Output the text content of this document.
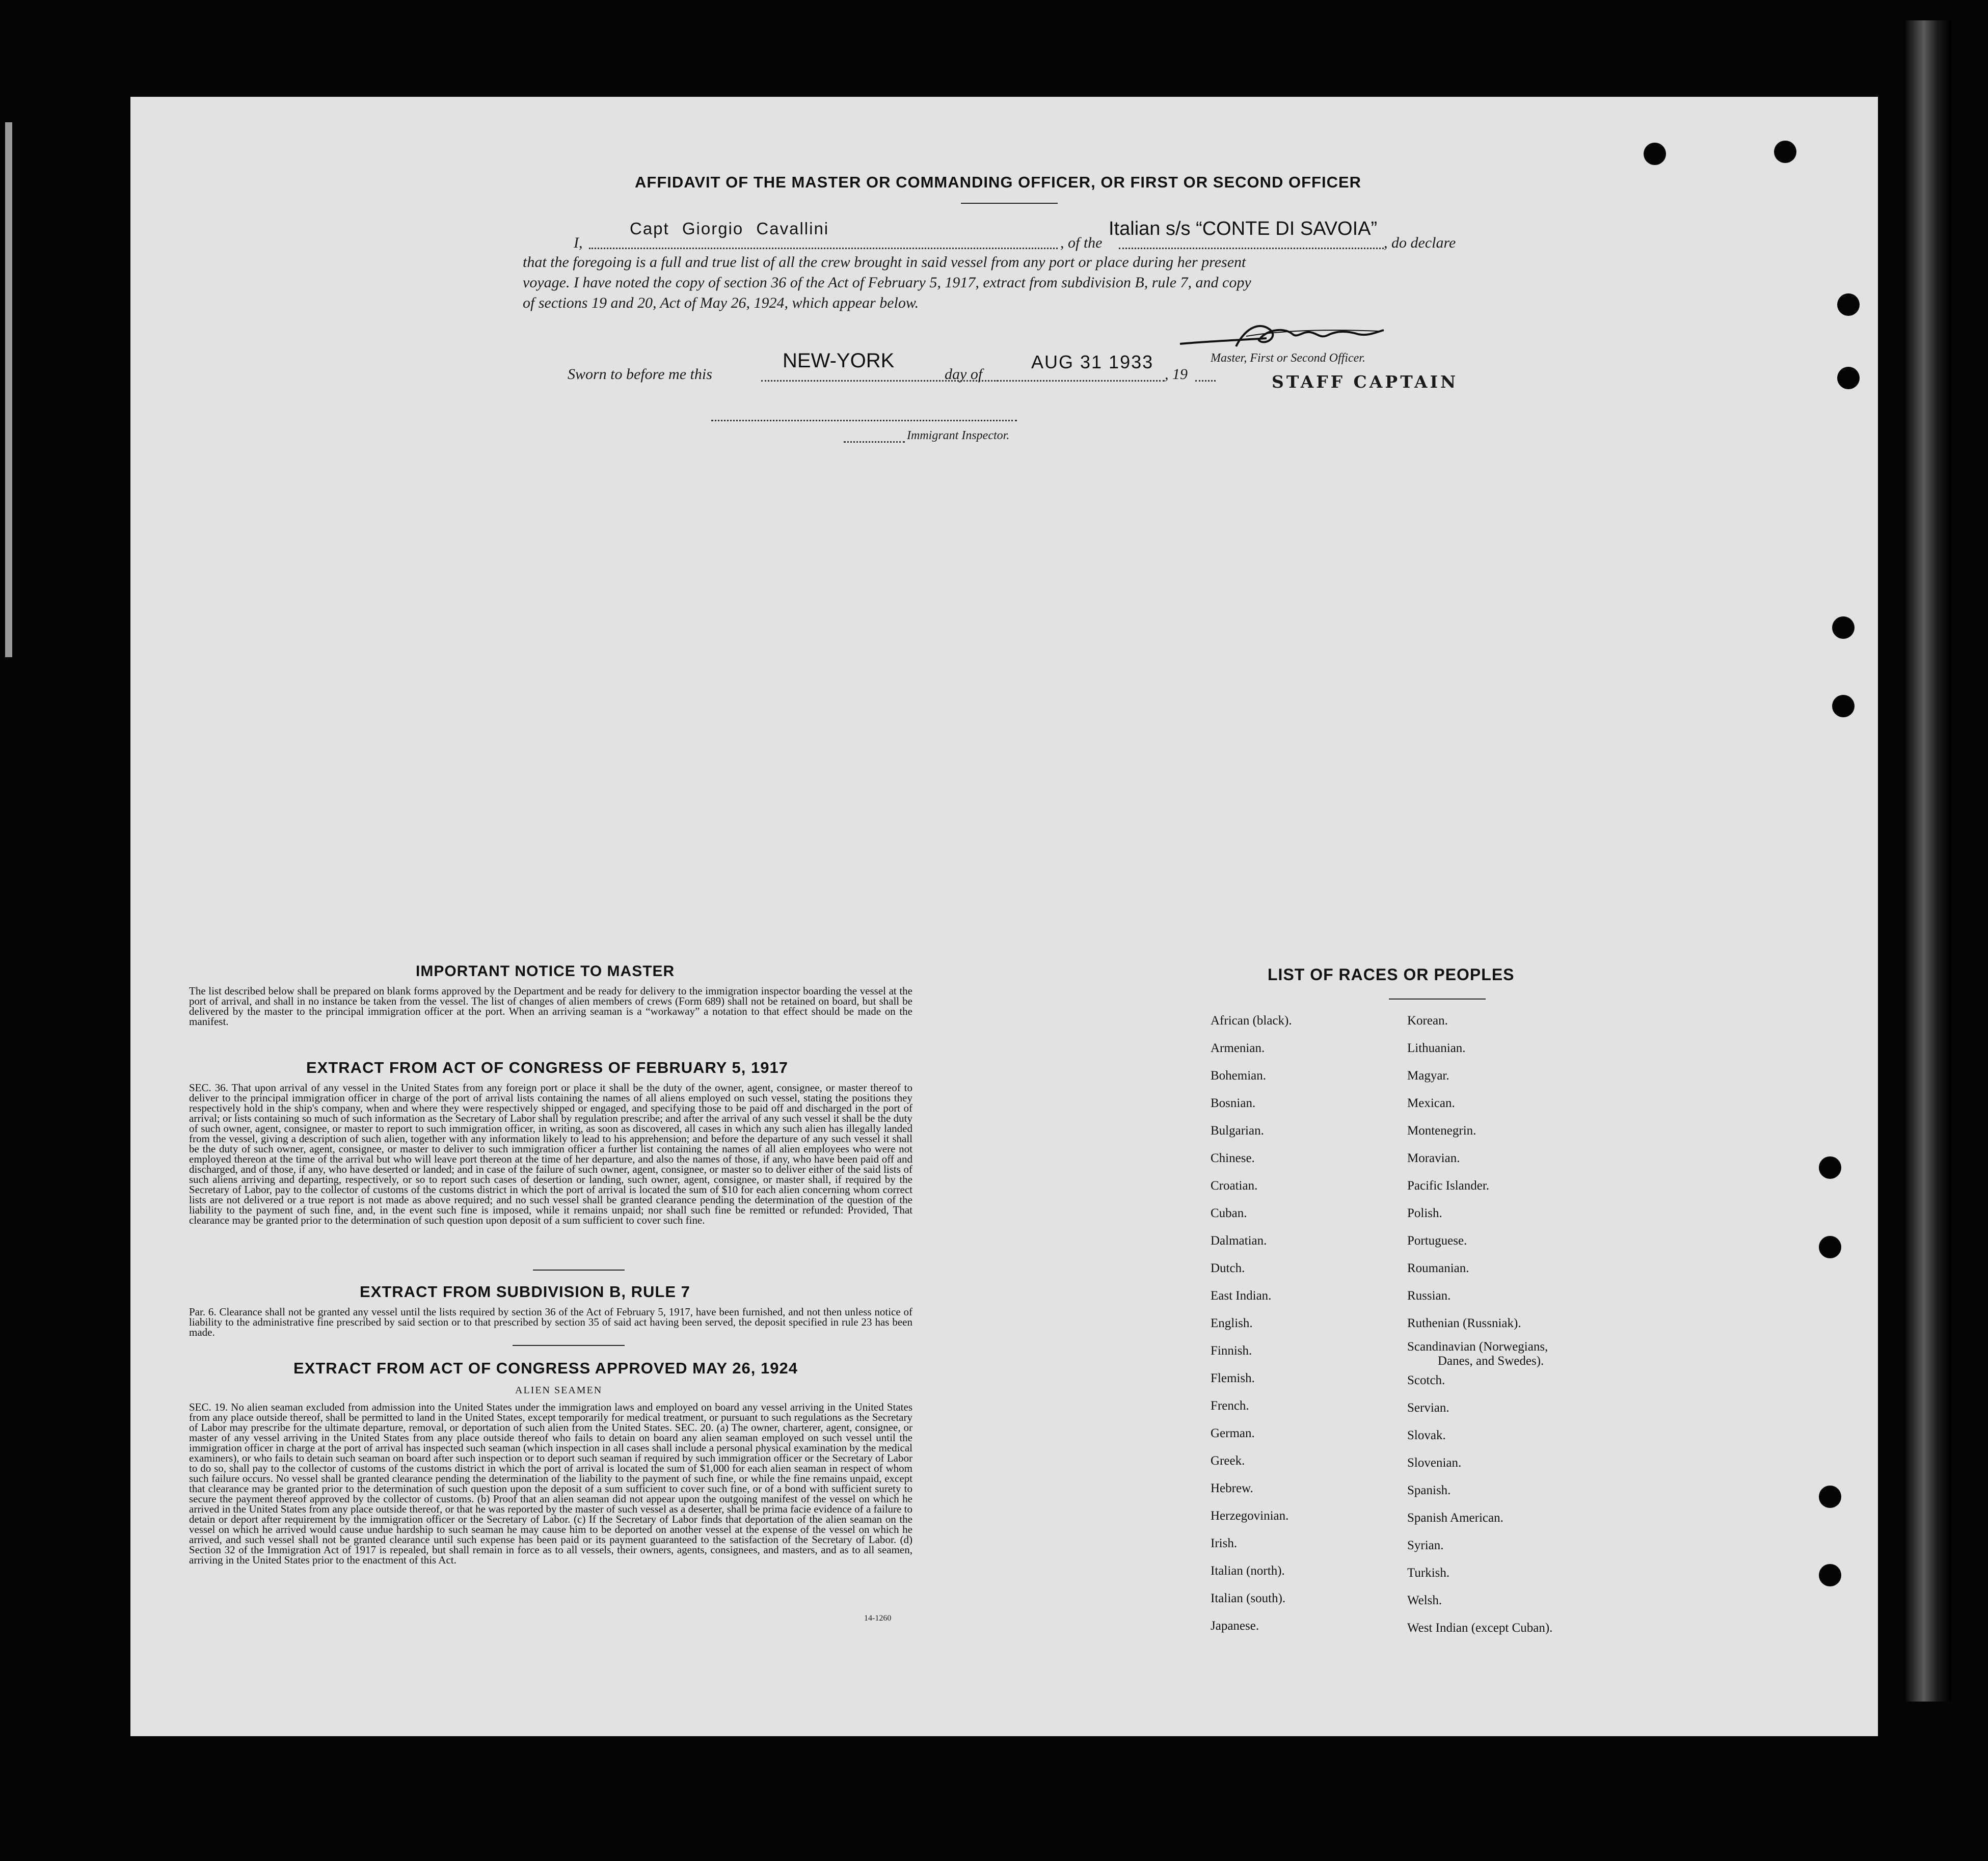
AFFIDAVIT OF THE MASTER OR COMMANDING OFFICER, OR FIRST OR SECOND OFFICER
I,
Capt Giorgio Cavallini
, of the
Italian s/s “CONTE DI SAVOIA”
, do declare
that the foregoing is a full and true list of all the crew brought in said vessel from any port or place during her present
voyage. I have noted the copy of section 36 of the Act of February 5, 1917, extract from subdivision B, rule 7, and copy
of sections 19 and 20, Act of May 26, 1924, which appear below.
Sworn to before me this
NEW-YORK
day of
AUG 31 1933
, 19
Master, First or Second Officer.
STAFF CAPTAIN
Immigrant Inspector.
IMPORTANT NOTICE TO MASTER
The list described below shall be prepared on blank forms approved by the Department and be ready for delivery to the immigration inspector boarding the vessel at the port of arrival, and shall in no instance be taken from the vessel. The list of changes of alien members of crews (Form 689) shall not be retained on board, but shall be delivered by the master to the principal immigration officer at the port. When an arriving seaman is a “workaway” a notation to that effect should be made on the manifest.
EXTRACT FROM ACT OF CONGRESS OF FEBRUARY 5, 1917
SEC. 36. That upon arrival of any vessel in the United States from any foreign port or place it shall be the duty of the owner, agent, consignee, or master thereof to deliver to the principal immigration officer in charge of the port of arrival lists containing the names of all aliens employed on such vessel, stating the positions they respectively hold in the ship's company, when and where they were respectively shipped or engaged, and specifying those to be paid off and discharged in the port of arrival; or lists containing so much of such information as the Secretary of Labor shall by regulation prescribe; and after the arrival of any such vessel it shall be the duty of such owner, agent, consignee, or master to report to such immigration officer, in writing, as soon as discovered, all cases in which any such alien has illegally landed from the vessel, giving a description of such alien, together with any information likely to lead to his apprehension; and before the departure of any such vessel it shall be the duty of such owner, agent, consignee, or master to deliver to such immigration officer a further list containing the names of all alien employees who were not employed thereon at the time of the arrival but who will leave port thereon at the time of her departure, and also the names of those, if any, who have been paid off and discharged, and of those, if any, who have deserted or landed; and in case of the failure of such owner, agent, consignee, or master so to deliver either of the said lists of such aliens arriving and departing, respectively, or so to report such cases of desertion or landing, such owner, agent, consignee, or master shall, if required by the Secretary of Labor, pay to the collector of customs of the customs district in which the port of arrival is located the sum of $10 for each alien concerning whom correct lists are not delivered or a true report is not made as above required; and no such vessel shall be granted clearance pending the determination of the question of the liability to the payment of such fine, and, in the event such fine is imposed, while it remains unpaid; nor shall such fine be remitted or refunded: Provided, That clearance may be granted prior to the determination of such question upon deposit of a sum sufficient to cover such fine.
EXTRACT FROM SUBDIVISION B, RULE 7
Par. 6. Clearance shall not be granted any vessel until the lists required by section 36 of the Act of February 5, 1917, have been furnished, and not then unless notice of liability to the administrative fine prescribed by said section or to that prescribed by section 35 of said act having been served, the deposit specified in rule 23 has been made.
EXTRACT FROM ACT OF CONGRESS APPROVED MAY 26, 1924
ALIEN SEAMEN
SEC. 19. No alien seaman excluded from admission into the United States under the immigration laws and employed on board any vessel arriving in the United States from any place outside thereof, shall be permitted to land in the United States, except temporarily for medical treatment, or pursuant to such regulations as the Secretary of Labor may prescribe for the ultimate departure, removal, or deportation of such alien from the United States. SEC. 20. (a) The owner, charterer, agent, consignee, or master of any vessel arriving in the United States from any place outside thereof who fails to detain on board any alien seaman employed on such vessel until the immigration officer in charge at the port of arrival has inspected such seaman (which inspection in all cases shall include a personal physical examination by the medical examiners), or who fails to detain such seaman on board after such inspection or to deport such seaman if required by such immigration officer or the Secretary of Labor to do so, shall pay to the collector of customs of the customs district in which the port of arrival is located the sum of $1,000 for each alien seaman in respect of whom such failure occurs. No vessel shall be granted clearance pending the determination of the liability to the payment of such fine, or while the fine remains unpaid, except that clearance may be granted prior to the determination of such question upon the deposit of a sum sufficient to cover such fine, or of a bond with sufficient surety to secure the payment thereof approved by the collector of customs. (b) Proof that an alien seaman did not appear upon the outgoing manifest of the vessel on which he arrived in the United States from any place outside thereof, or that he was reported by the master of such vessel as a deserter, shall be prima facie evidence of a failure to detain or deport after requirement by the immigration officer or the Secretary of Labor. (c) If the Secretary of Labor finds that deportation of the alien seaman on the vessel on which he arrived would cause undue hardship to such seaman he may cause him to be deported on another vessel at the expense of the vessel on which he arrived, and such vessel shall not be granted clearance until such expense has been paid or its payment guaranteed to the satisfaction of the Secretary of Labor. (d) Section 32 of the Immigration Act of 1917 is repealed, but shall remain in force as to all vessels, their owners, agents, consignees, and masters, and as to all seamen, arriving in the United States prior to the enactment of this Act.
14-1260
LIST OF RACES OR PEOPLES
African (black).
Armenian.
Bohemian.
Bosnian.
Bulgarian.
Chinese.
Croatian.
Cuban.
Dalmatian.
Dutch.
East Indian.
English.
Finnish.
Flemish.
French.
German.
Greek.
Hebrew.
Herzegovinian.
Irish.
Italian (north).
Italian (south).
Japanese.
Korean.
Lithuanian.
Magyar.
Mexican.
Montenegrin.
Moravian.
Pacific Islander.
Polish.
Portuguese.
Roumanian.
Russian.
Ruthenian (Russniak).
Scandinavian (Norwegians,
Danes, and Swedes).
Scotch.
Servian.
Slovak.
Slovenian.
Spanish.
Spanish American.
Syrian.
Turkish.
Welsh.
West Indian (except Cuban).
